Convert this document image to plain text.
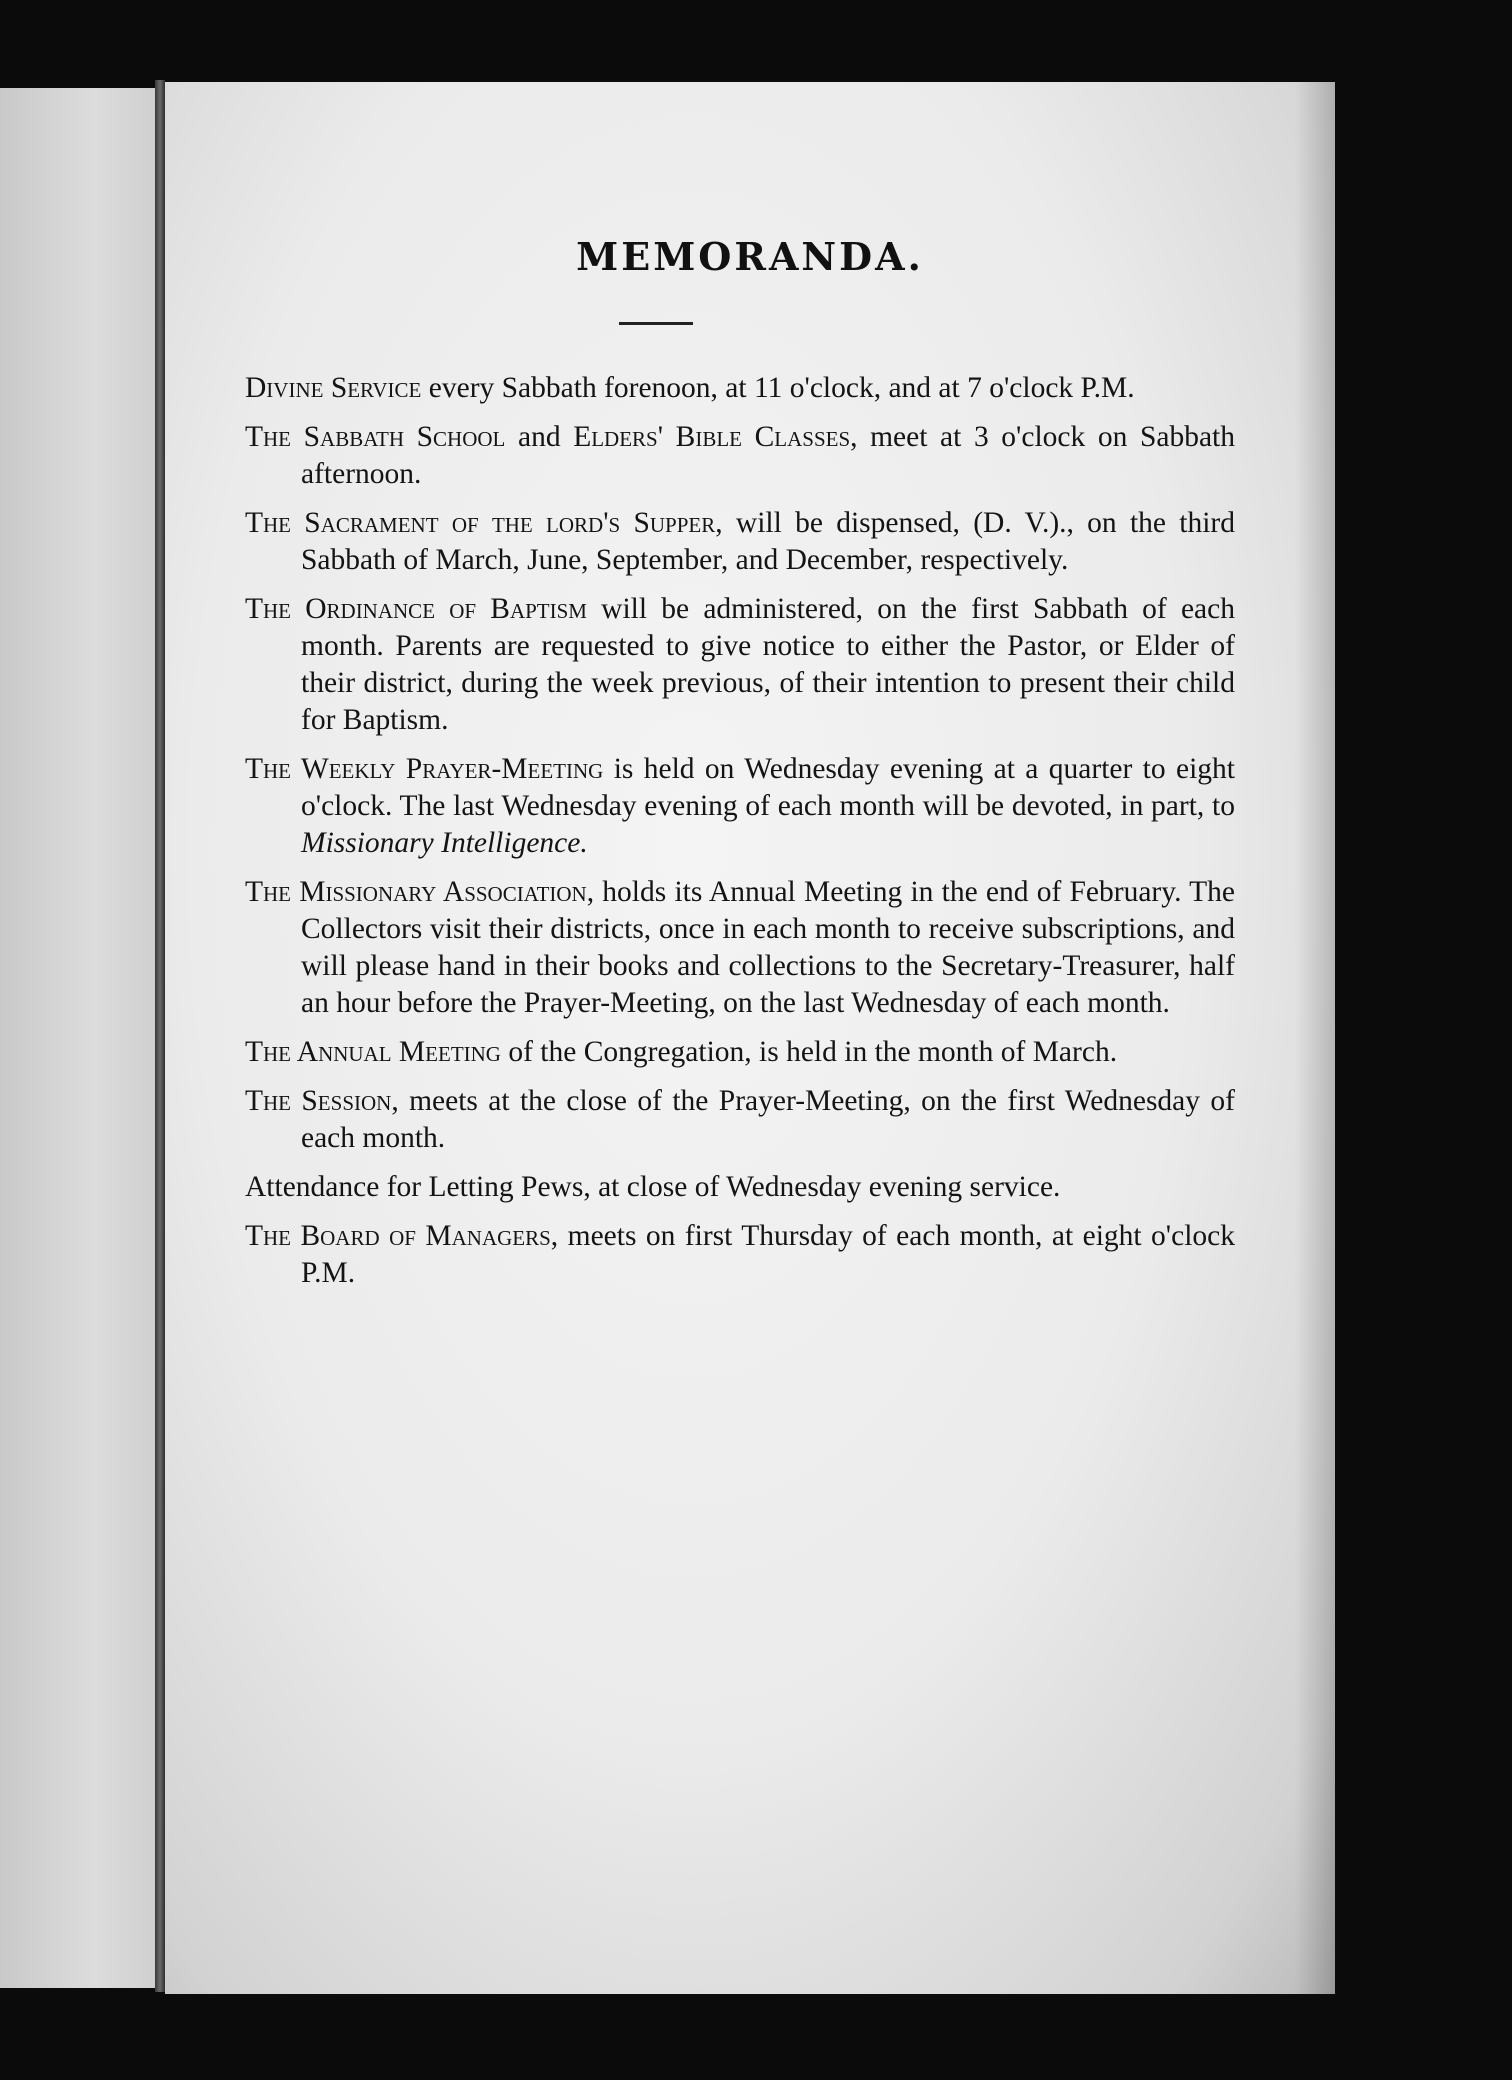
MEMORANDA.

Divine Service every Sabbath forenoon, at 11 o'clock, and at 7 o'clock P.M.

The Sabbath School and Elders' Bible Classes, meet at 3 o'clock on Sabbath afternoon.

The Sacrament of the lord's Supper, will be dispensed, (D. V.)., on the third Sabbath of March, June, September, and December, respectively.

The Ordinance of Baptism will be administered, on the first Sabbath of each month. Parents are requested to give notice to either the Pastor, or Elder of their district, during the week previous, of their intention to present their child for Baptism.

The Weekly Prayer-Meeting is held on Wednesday evening at a quarter to eight o'clock. The last Wednesday evening of each month will be devoted, in part, to Missionary Intelligence.

The Missionary Association, holds its Annual Meeting in the end of February. The Collectors visit their districts, once in each month to receive subscriptions, and will please hand in their books and collections to the Secretary-Treasurer, half an hour before the Prayer-Meeting, on the last Wednesday of each month.

The Annual Meeting of the Congregation, is held in the month of March.

The Session, meets at the close of the Prayer-Meeting, on the first Wednesday of each month.

Attendance for Letting Pews, at close of Wednesday evening service.

The Board of Managers, meets on first Thursday of each month, at eight o'clock P.M.
